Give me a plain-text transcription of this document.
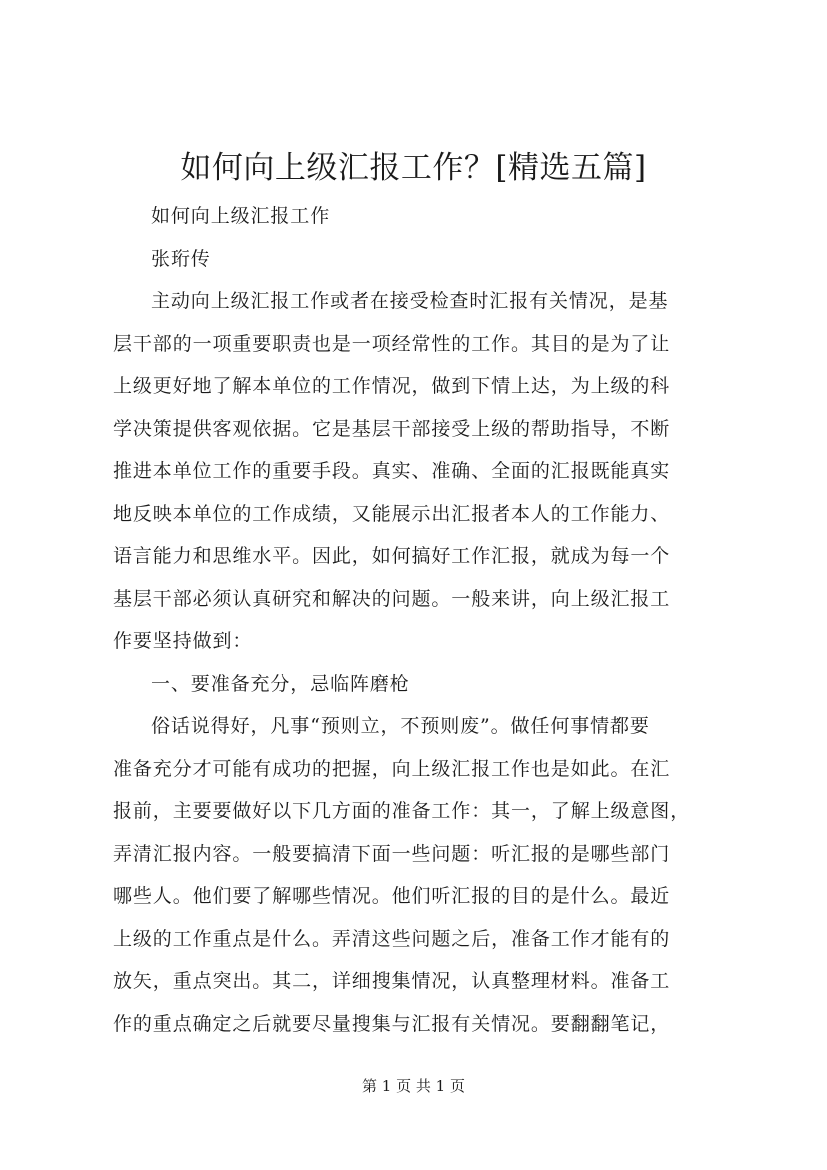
如何向上级汇报工作？[精选五篇]

如何向上级汇报工作

张珩传

主动向上级汇报工作或者在接受检查时汇报有关情况，是基
层干部的一项重要职责也是一项经常性的工作。其目的是为了让
上级更好地了解本单位的工作情况，做到下情上达，为上级的科
学决策提供客观依据。它是基层干部接受上级的帮助指导，不断
推进本单位工作的重要手段。真实、准确、全面的汇报既能真实
地反映本单位的工作成绩，又能展示出汇报者本人的工作能力、
语言能力和思维水平。因此，如何搞好工作汇报，就成为每一个
基层干部必须认真研究和解决的问题。一般来讲，向上级汇报工
作要坚持做到：

一、要准备充分，忌临阵磨枪

俗话说得好，凡事“预则立，不预则废”。做任何事情都要
准备充分才可能有成功的把握，向上级汇报工作也是如此。在汇
报前，主要要做好以下几方面的准备工作：其一，了解上级意图，
弄清汇报内容。一般要搞清下面一些问题：听汇报的是哪些部门
哪些人。他们要了解哪些情况。他们听汇报的目的是什么。最近
上级的工作重点是什么。弄清这些问题之后，准备工作才能有的
放矢，重点突出。其二，详细搜集情况，认真整理材料。准备工
作的重点确定之后就要尽量搜集与汇报有关情况。要翻翻笔记，

第 1 页 共 1 页
